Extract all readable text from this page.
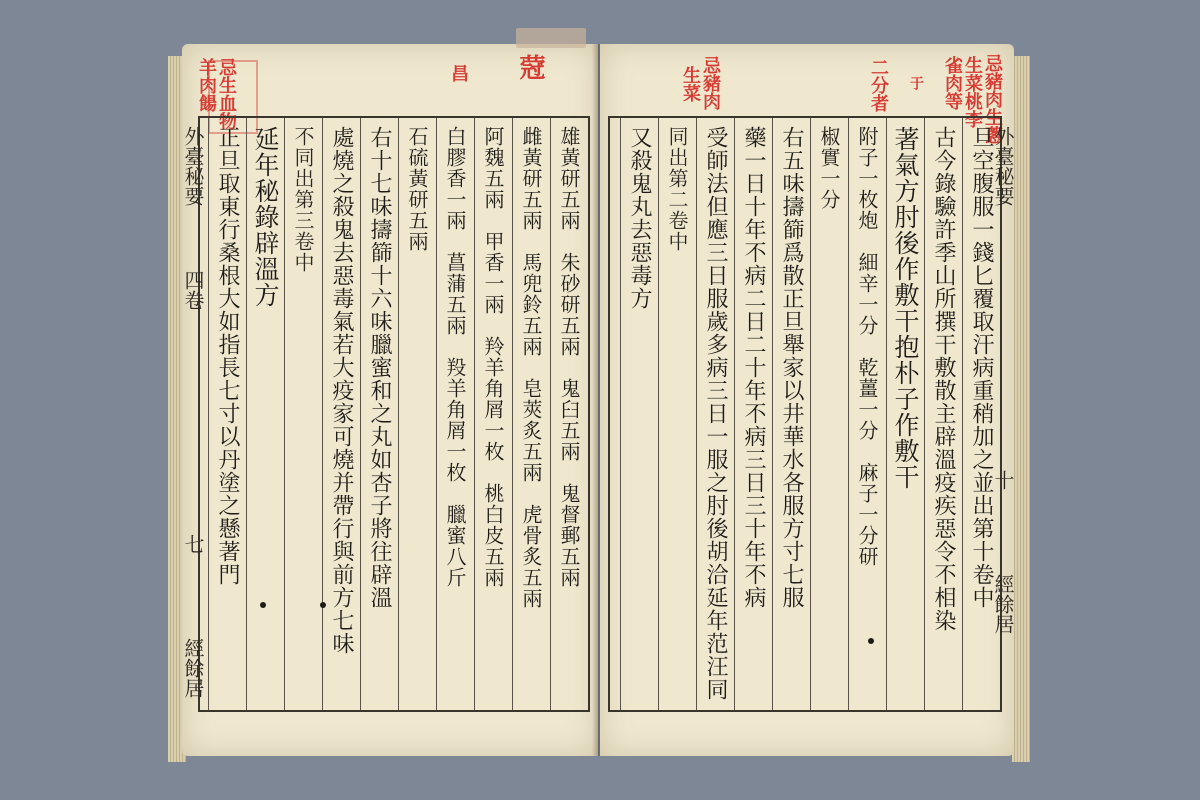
忌生血物
羊肉餳	昌 蒄
雄黃研五兩　朱砂研五兩　鬼臼五兩　鬼督郵五兩
雌黃研五兩　馬兜鈴五兩　皂莢炙五兩　虎骨炙五兩
阿魏五兩　甲香一兩　羚羊角屑一枚　桃白皮五兩
白膠香一兩　菖蒲五兩　羖羊角屑一枚　臘蜜八斤
石硫黃研五兩
右十七味擣篩十六味臘蜜和之丸如杏子將往辟溫
處燒之殺鬼去惡毒氣若大疫家可燒并帶行與前方七味
不同出第三卷中
延年秘錄辟溫方
正旦取東行桑根大如指長七寸以丹塗之懸著門
外臺秘要 四卷 七 經餘居
忌豬肉生蔥
生菜桃李
雀肉等
二分者 于
忌豬肉
生菜
旦空腹服一錢匕覆取汗病重稍加之並出第十卷中
古今錄驗許季山所撰干敷散主辟溫疫疾惡令不相染
著氣方肘後作敷干抱朴子作敷干
附子一枚炮　細辛一分　乾薑一分　麻子一分研
椒實一分
右五味擣篩爲散正旦舉家以井華水各服方寸七服
藥一日十年不病二日二十年不病三日三十年不病
受師法但應三日服歲多病三日一服之肘後胡洽延年范汪同
同出第二卷中
又殺鬼丸去惡毒方	外臺秘要 十 經餘居
